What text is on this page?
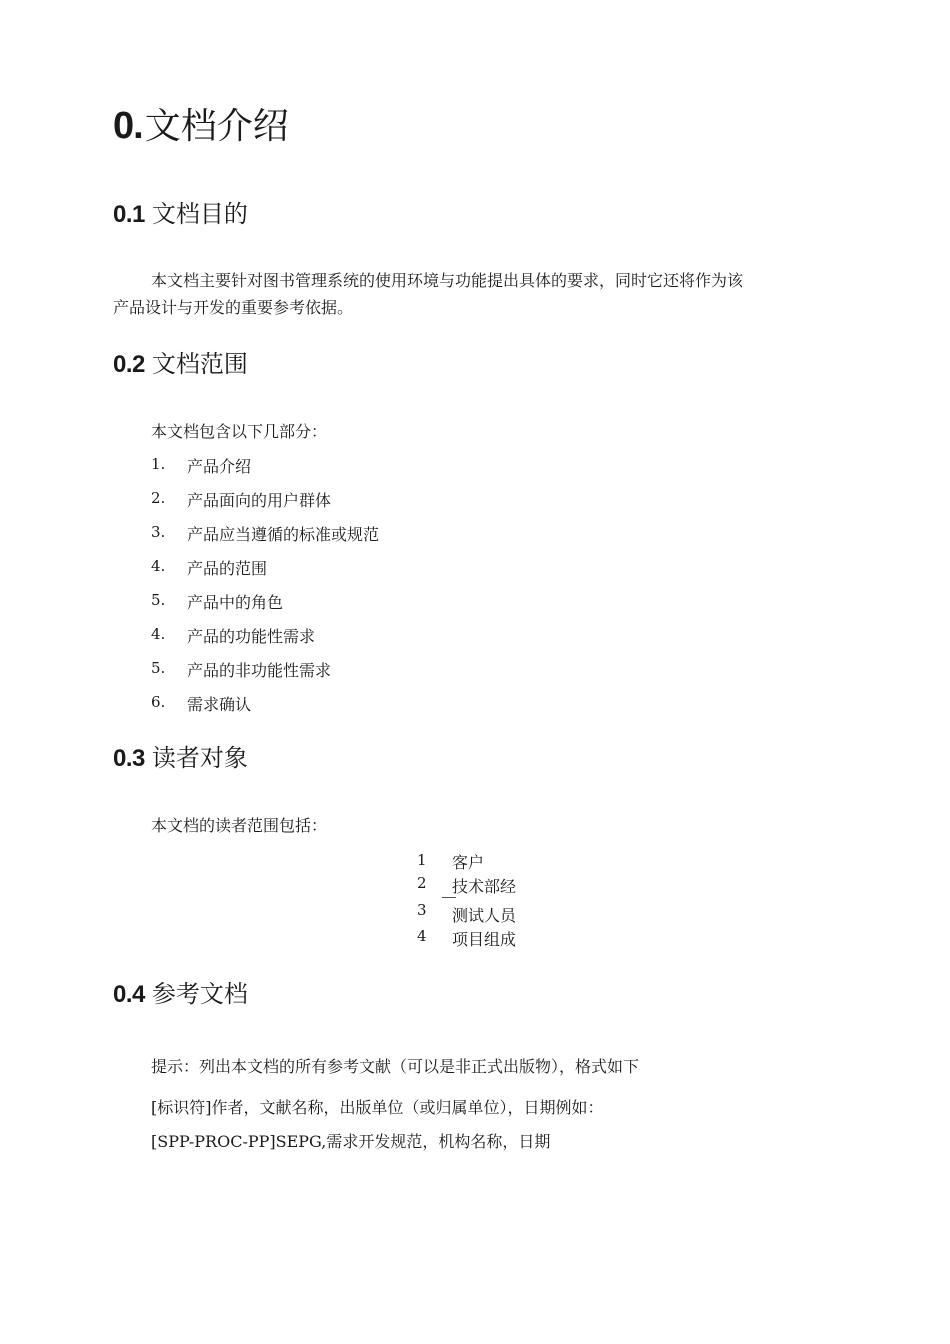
0.文档介绍
0.1 文档目的
本文档主要针对图书管理系统的使用环境与功能提出具体的要求，同时它还将作为该
产品设计与开发的重要参考依据。
0.2 文档范围
本文档包含以下几部分：
1. 产品介绍
2. 产品面向的用户群体
3. 产品应当遵循的标准或规范
4. 产品的范围
5. 产品中的角色
4. 产品的功能性需求
5. 产品的非功能性需求
6. 需求确认
0.3 读者对象
本文档的读者范围包括：
1 客户
2 技术部经
3 测试人员
4 项目组成
0.4 参考文档
提示：列出本文档的所有参考文献（可以是非正式出版物），格式如下
[标识符]作者，文献名称，出版单位（或归属单位），日期例如：
[SPP-PROC-PP]SEPG,需求开发规范，机构名称，日期
